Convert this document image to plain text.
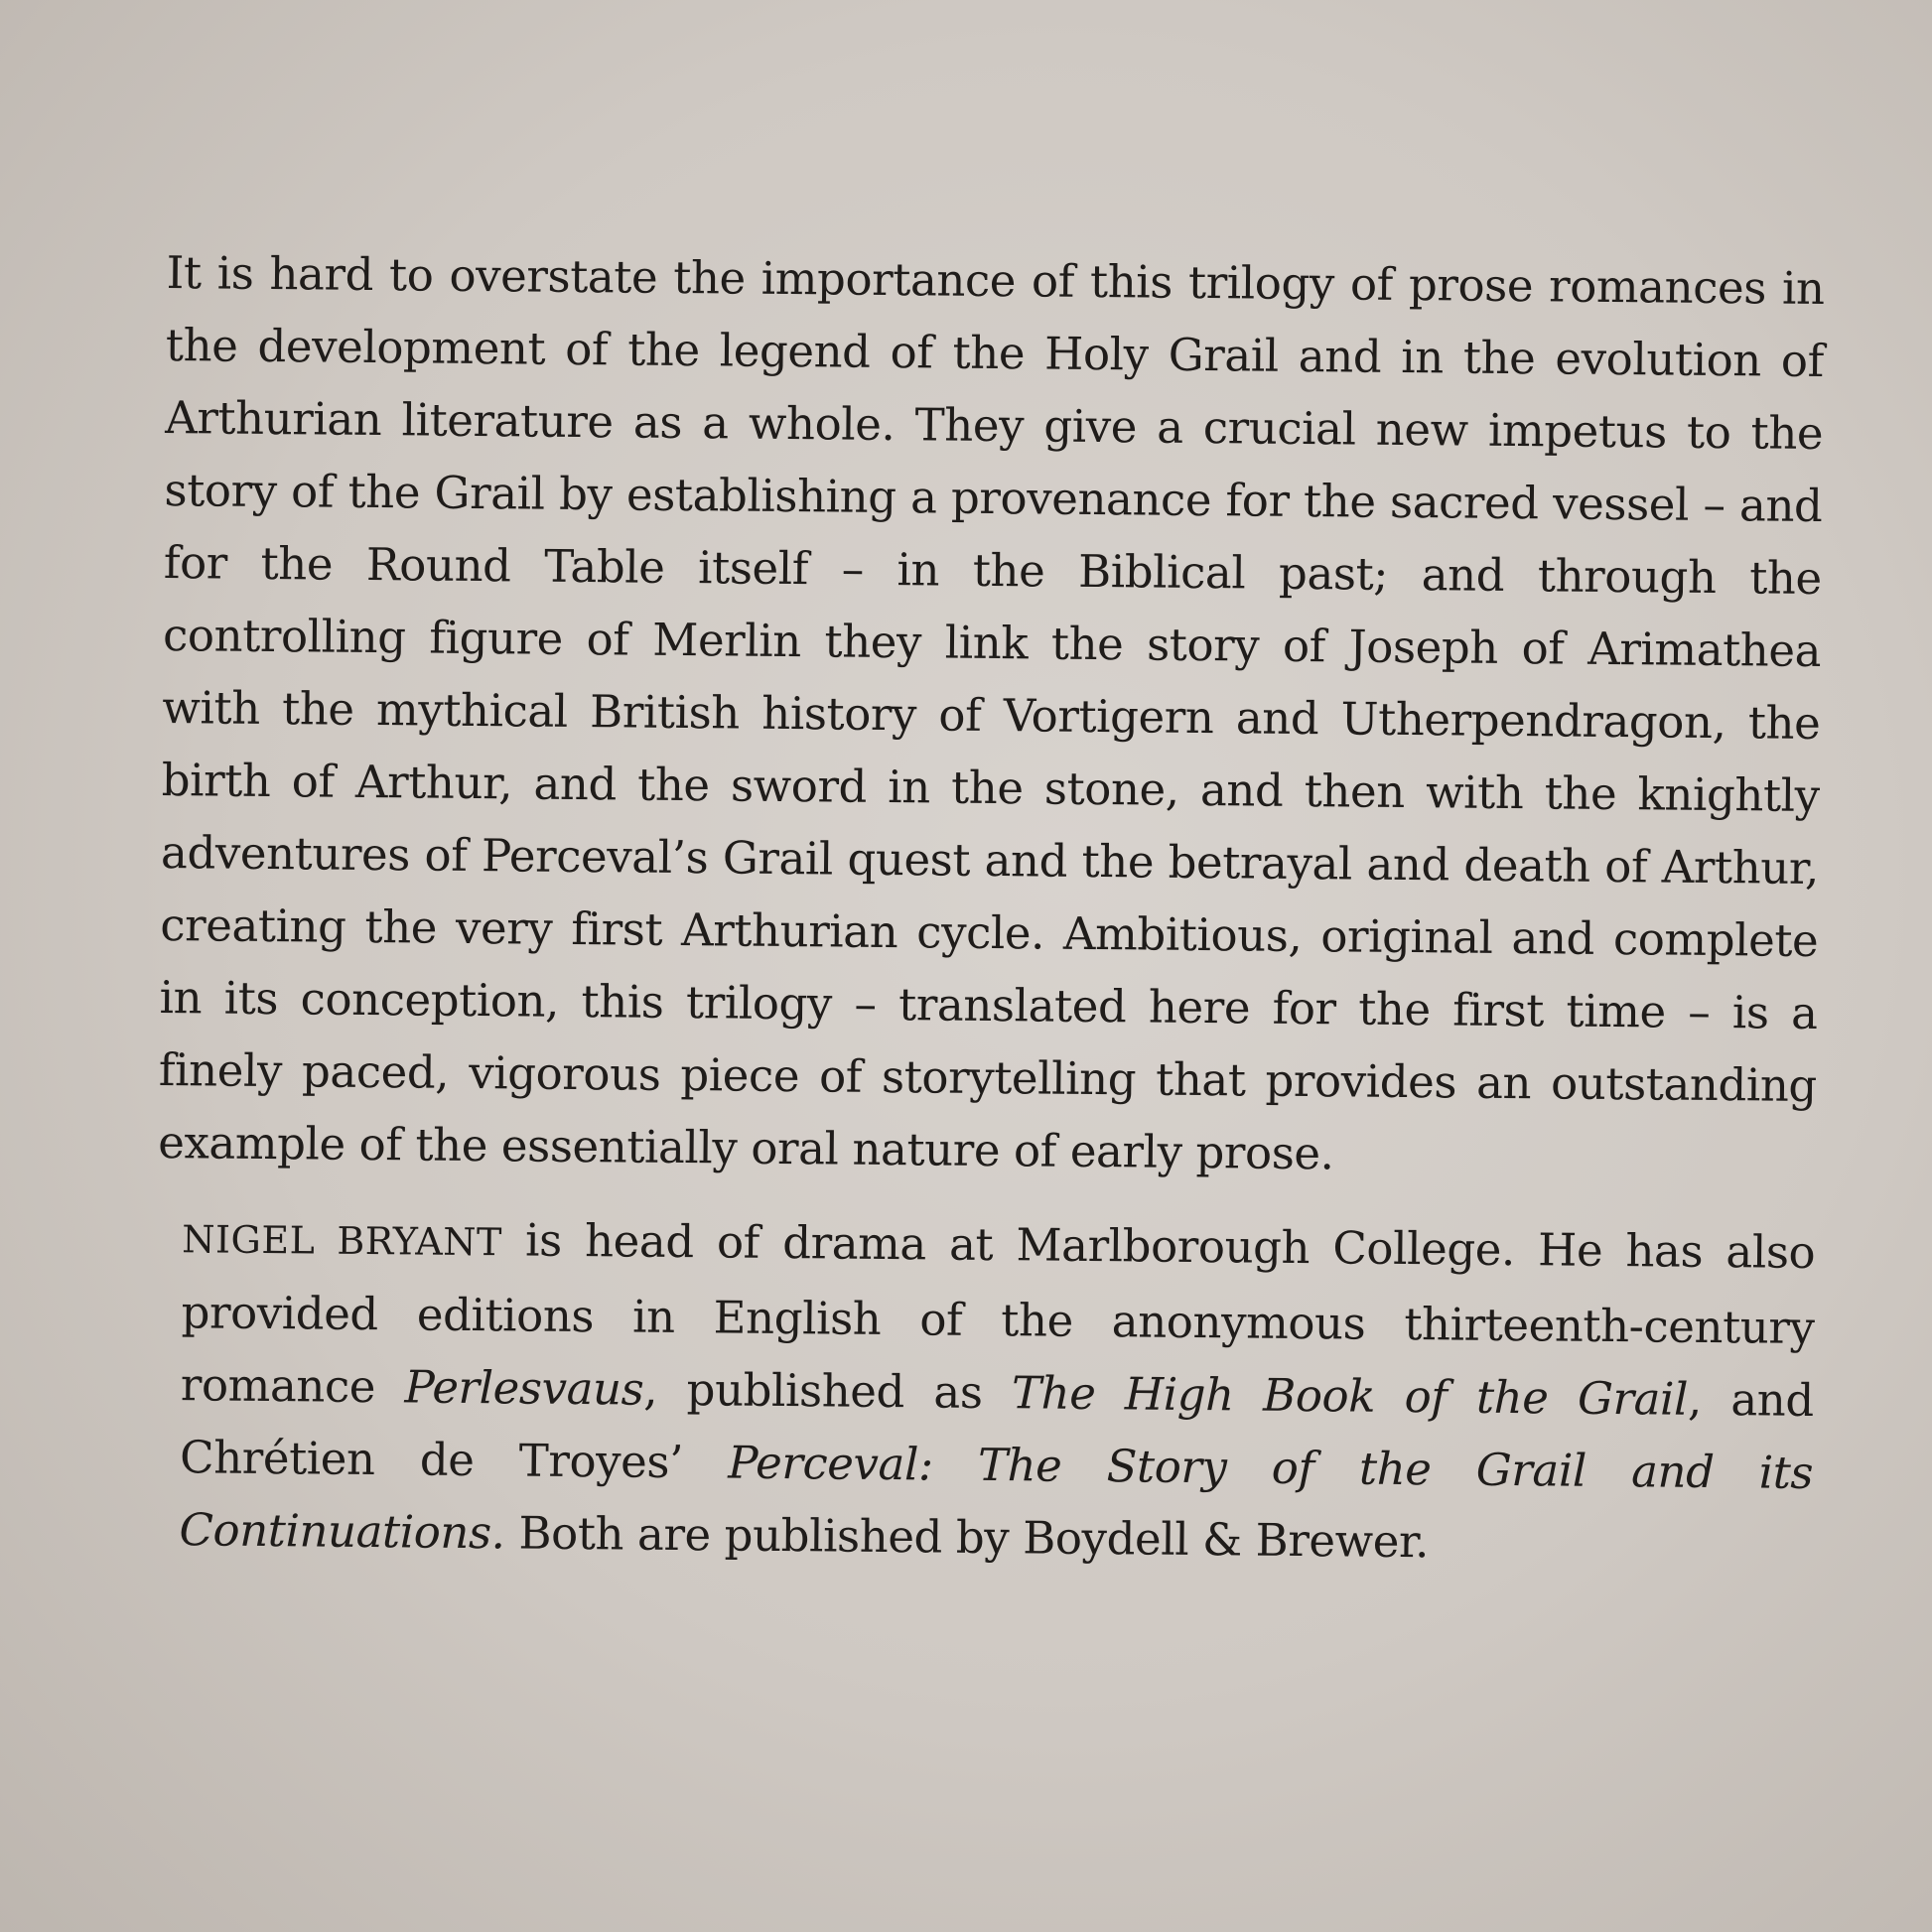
It is hard to overstate the importance of this trilogy of prose romances in the development of the legend of the Holy Grail and in the evolution of Arthurian literature as a whole. They give a crucial new impetus to the story of the Grail by establishing a provenance for the sacred vessel – and for the Round Table itself – in the Biblical past; and through the controlling figure of Merlin they link the story of Joseph of Arimathea with the mythical British history of Vortigern and Utherpendragon, the birth of Arthur, and the sword in the stone, and then with the knightly adventures of Perceval’s Grail quest and the betrayal and death of Arthur, creating the very first Arthurian cycle. Ambitious, original and complete in its conception, this trilogy – translated here for the first time – is a finely paced, vigorous piece of storytelling that provides an outstanding example of the essentially oral nature of early prose.

NIGEL BRYANT is head of drama at Marlborough College. He has also provided editions in English of the anonymous thirteenth-century romance Perlesvaus, published as The High Book of the Grail, and Chrétien de Troyes’ Perceval: The Story of the Grail and its Continuations. Both are published by Boydell & Brewer.
